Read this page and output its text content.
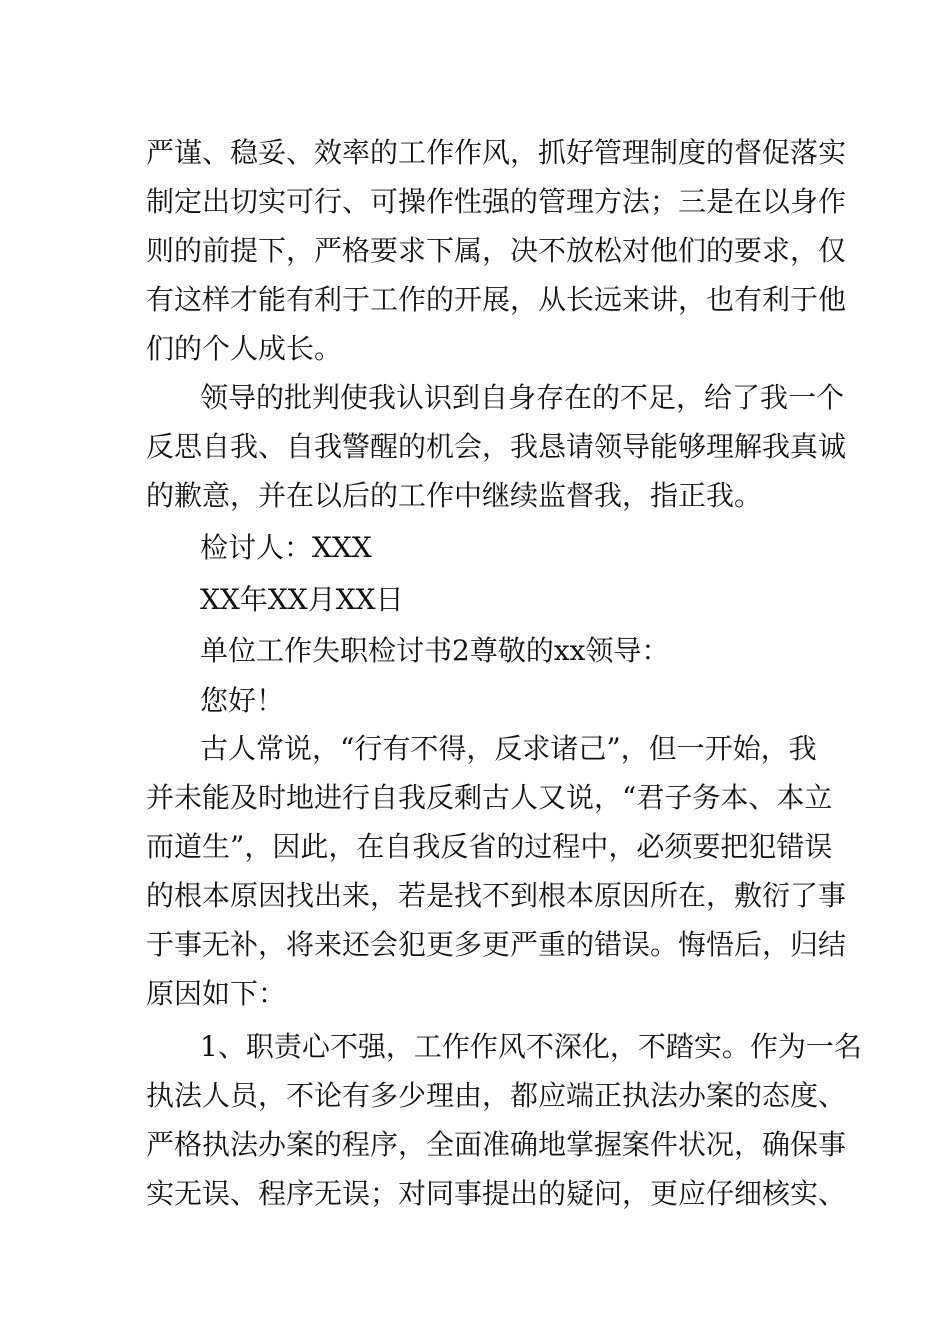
严谨、稳妥、效率的工作作风，抓好管理制度的督促落实
制定出切实可行、可操作性强的管理方法；三是在以身作
则的前提下，严格要求下属，决不放松对他们的要求，仅
有这样才能有利于工作的开展，从长远来讲，也有利于他
们的个人成长。
领导的批判使我认识到自身存在的不足，给了我一个
反思自我、自我警醒的机会，我恳请领导能够理解我真诚
的歉意，并在以后的工作中继续监督我，指正我。
检讨人：XXX
XX年XX月XX日
单位工作失职检讨书2尊敬的xx领导：
您好！
古人常说，“行有不得，反求诸己”，但一开始，我
并未能及时地进行自我反剩古人又说，“君子务本、本立
而道生”，因此，在自我反省的过程中，必须要把犯错误
的根本原因找出来，若是找不到根本原因所在，敷衍了事
于事无补，将来还会犯更多更严重的错误。悔悟后，归结
原因如下：
1、职责心不强，工作作风不深化，不踏实。作为一名
执法人员，不论有多少理由，都应端正执法办案的态度、
严格执法办案的程序，全面准确地掌握案件状况，确保事
实无误、程序无误；对同事提出的疑问，更应仔细核实、
